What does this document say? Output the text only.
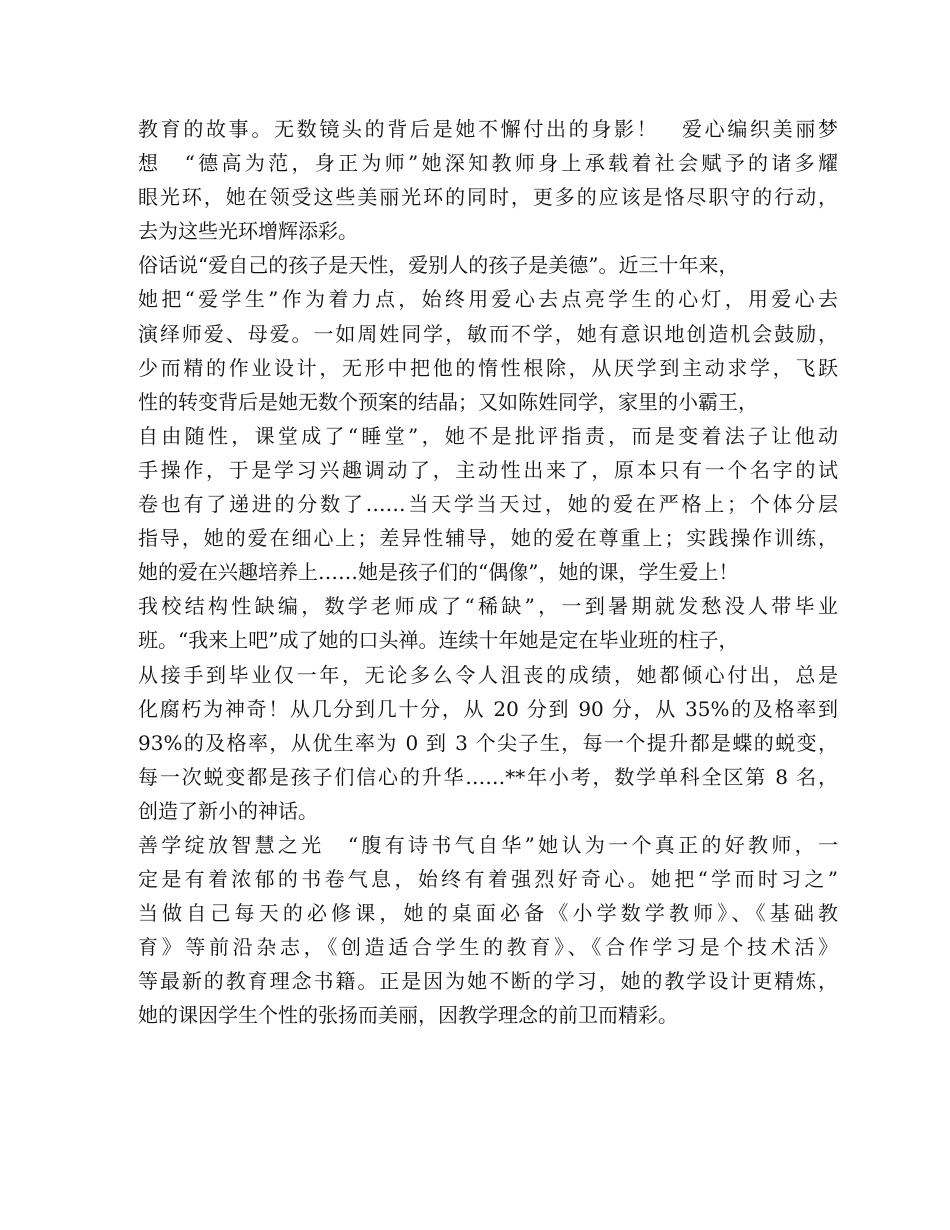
教育的故事。无数镜头的背后是她不懈付出的身影！　爱心编织美丽梦
想　“德高为范，身正为师”她深知教师身上承载着社会赋予的诸多耀
眼光环，她在领受这些美丽光环的同时，更多的应该是恪尽职守的行动，
去为这些光环增辉添彩。
俗话说“爱自己的孩子是天性，爱别人的孩子是美德”。近三十年来，
她把“爱学生”作为着力点，始终用爱心去点亮学生的心灯，用爱心去
演绎师爱、母爱。一如周姓同学，敏而不学，她有意识地创造机会鼓励，
少而精的作业设计，无形中把他的惰性根除，从厌学到主动求学，飞跃
性的转变背后是她无数个预案的结晶；又如陈姓同学，家里的小霸王，
自由随性，课堂成了“睡堂”，她不是批评指责，而是变着法子让他动
手操作，于是学习兴趣调动了，主动性出来了，原本只有一个名字的试
卷也有了递进的分数了……当天学当天过，她的爱在严格上；个体分层
指导，她的爱在细心上；差异性辅导，她的爱在尊重上；实践操作训练，
她的爱在兴趣培养上……她是孩子们的“偶像”，她的课，学生爱上！
我校结构性缺编，数学老师成了“稀缺”，一到暑期就发愁没人带毕业
班。“我来上吧”成了她的口头禅。连续十年她是定在毕业班的柱子，
从接手到毕业仅一年，无论多么令人沮丧的成绩，她都倾心付出，总是
化腐朽为神奇！从几分到几十分，从 20 分到 90 分，从 35%的及格率到
93%的及格率，从优生率为 0 到 3 个尖子生，每一个提升都是蝶的蜕变，
每一次蜕变都是孩子们信心的升华……**年小考，数学单科全区第 8 名，
创造了新小的神话。
善学绽放智慧之光　“腹有诗书气自华”她认为一个真正的好教师，一
定是有着浓郁的书卷气息，始终有着强烈好奇心。她把“学而时习之”
当做自己每天的必修课，她的桌面必备《小学数学教师》、《基础教
育》等前沿杂志，《创造适合学生的教育》、《合作学习是个技术活》
等最新的教育理念书籍。正是因为她不断的学习，她的教学设计更精炼，
她的课因学生个性的张扬而美丽，因教学理念的前卫而精彩。
